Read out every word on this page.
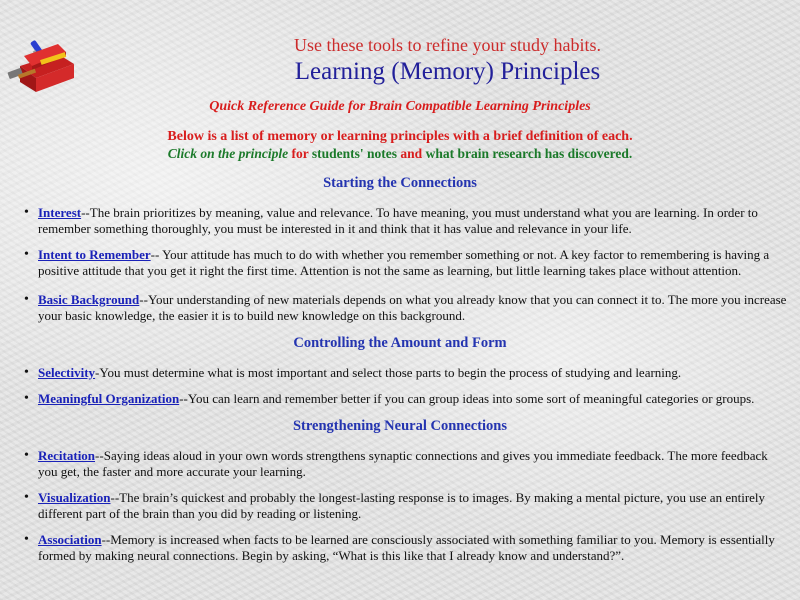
Use these tools to refine your study habits.
Learning (Memory) Principles
Quick Reference Guide for Brain Compatible Learning Principles
Below is a list of memory or learning principles with a brief definition of each.
Click on the principle for students' notes and what brain research has discovered.
Starting the Connections
• Interest--The brain prioritizes by meaning, value and relevance. To have meaning, you must understand what you are learning. In order to remember something thoroughly, you must be interested in it and think that it has value and relevance in your life.
• Intent to Remember-- Your attitude has much to do with whether you remember something or not. A key factor to remembering is having a positive attitude that you get it right the first time. Attention is not the same as learning, but little learning takes place without attention.
• Basic Background--Your understanding of new materials depends on what you already know that you can connect it to. The more you increase your basic knowledge, the easier it is to build new knowledge on this background.
Controlling the Amount and Form
• Selectivity-You must determine what is most important and select those parts to begin the process of studying and learning.
• Meaningful Organization--You can learn and remember better if you can group ideas into some sort of meaningful categories or groups.
Strengthening Neural Connections
• Recitation--Saying ideas aloud in your own words strengthens synaptic connections and gives you immediate feedback. The more feedback you get, the faster and more accurate your learning.
• Visualization--The brain’s quickest and probably the longest-lasting response is to images. By making a mental picture, you use an entirely different part of the brain than you did by reading or listening.
• Association--Memory is increased when facts to be learned are consciously associated with something familiar to you. Memory is essentially formed by making neural connections. Begin by asking, “What is this like that I already know and understand?”.
